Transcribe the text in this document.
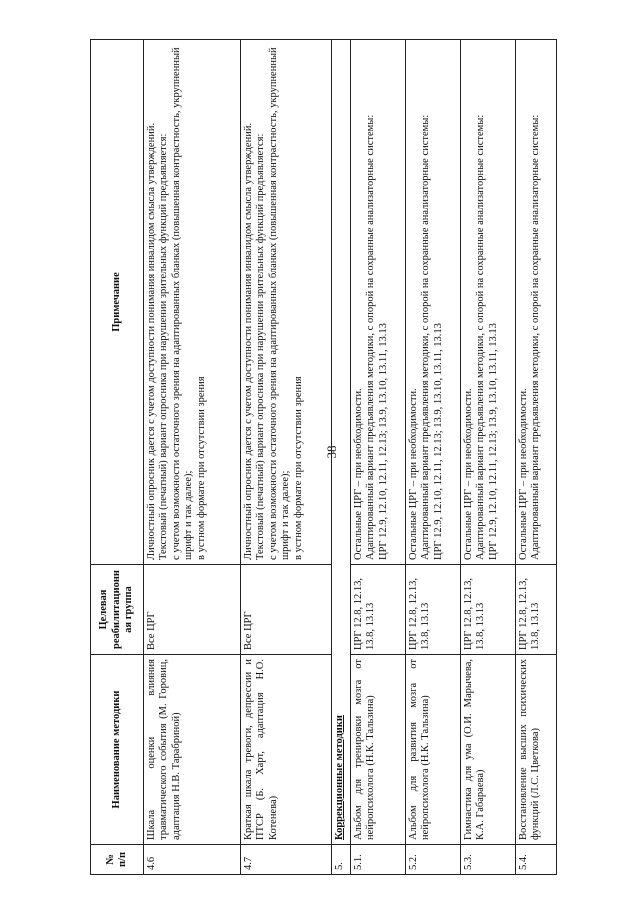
38
№ п/п	Наименование методики	Целевая реабилитационная группа	Примечание
4.6	Шкала оценки влияния травматического события (М. Горовиц, адаптация Н.В. Тарабриной)	Все ЦРГ	Личностный опросник дается с учетом доступности понимания инвалидом смысла утверждений. Текстовый (печатный) вариант опросника при нарушении зрительных функций предъявляется: с учетом возможности остаточного зрения на адаптированных бланках (повышенная контрастность, укрупненный шрифт и так далее); в устном формате при отсутствии зрения

4.7	Краткая шкала тревоги, депрессии и ПТСР (Б. Харт, адаптация Н.О. Котенева)	Все ЦРГ	Личностный опросник дается с учетом доступности понимания инвалидом смысла утверждений. Текстовый (печатный) вариант опросника при нарушении зрительных функций предъявляется: с учетом возможности остаточного зрения на адаптированных бланках (повышенная контрастность, укрупненный шрифт и так далее); в устном формате при отсутствии зрения

5.	Коррекционные методики		
5.1.	Альбом для тренировки мозга от нейропсихолога (Н.К. Тальзина)	ЦРГ 12.8, 12.13, 13.8, 13.13	Остальные ЦРГ – при необходимости. Адаптированный вариант предъявления методики, с опорой на сохранные анализаторные системы: ЦРГ 12.9, 12.10, 12.11, 12.13; 13.9, 13.10, 13.11, 13.13

5.2.	Альбом для развития мозга от нейропсихолога (Н.К. Тальзина)	ЦРГ 12.8, 12.13, 13.8, 13.13	Остальные ЦРГ – при необходимости. Адаптированный вариант предъявления методики, с опорой на сохранные анализаторные системы: ЦРГ 12.9, 12.10, 12.11, 12.13; 13.9, 13.10, 13.11, 13.13

5.3.	Гимнастика для ума (О.И. Марычева, К.А. Габараева)	ЦРГ 12.8, 12.13, 13.8, 13.13	Остальные ЦРГ – при необходимости. Адаптированный вариант предъявления методики, с опорой на сохранные анализаторные системы: ЦРГ 12.9, 12.10, 12.11, 12.13; 13.9, 13.10, 13.11, 13.13

5.4.	Восстановление высших психических функций (Л.С. Цветкова)	ЦРГ 12.8, 12.13, 13.8, 13.13	Остальные ЦРГ – при необходимости. Адаптированный вариант предъявления методики, с опорой на сохранные анализаторные системы:
